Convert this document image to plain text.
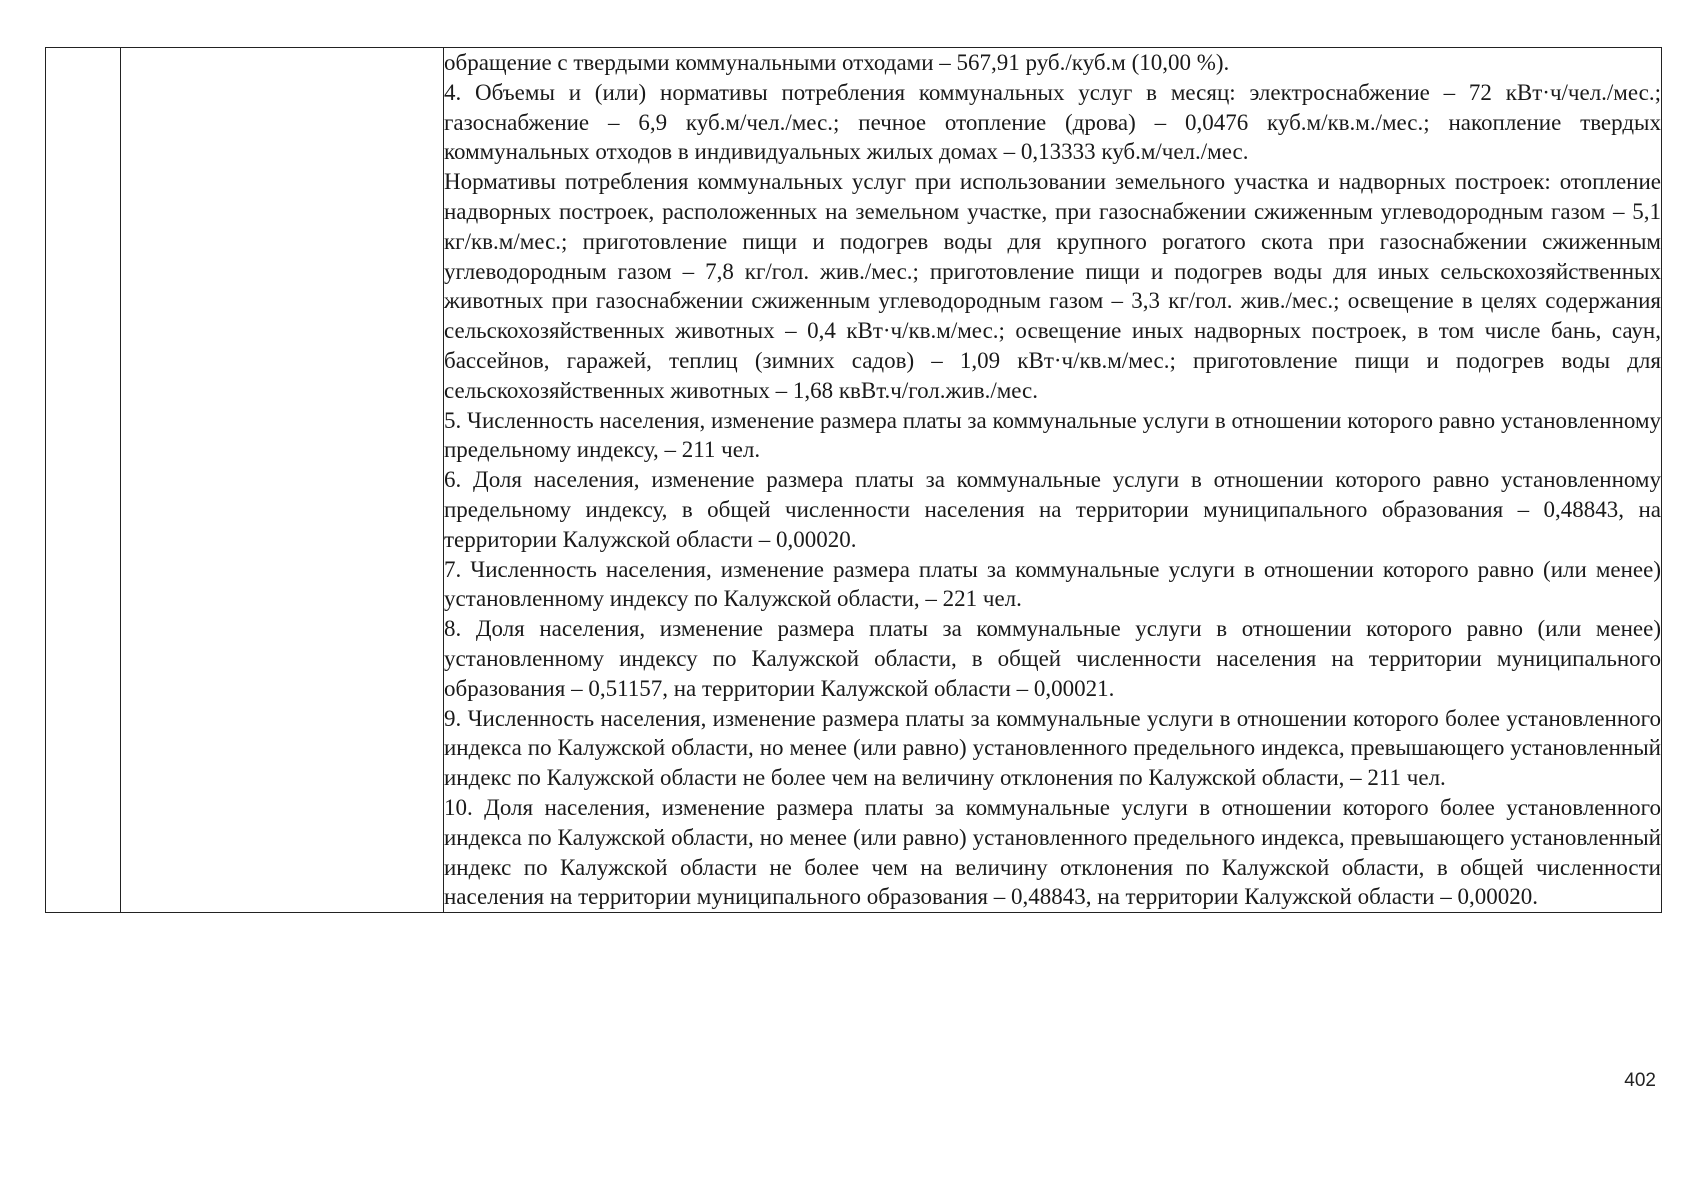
обращение с твердыми коммунальными отходами – 567,91 руб./куб.м (10,00 %).

4. Объемы и (или) нормативы потребления коммунальных услуг в месяц: электроснабжение – 72 кВт·ч/чел./мес.; газоснабжение – 6,9 куб.м/чел./мес.; печное отопление (дрова) – 0,0476 куб.м/кв.м./мес.; накопление твердых коммунальных отходов в индивидуальных жилых домах – 0,13333 куб.м/чел./мес.

Нормативы потребления коммунальных услуг при использовании земельного участка и надворных построек: отопление надворных построек, расположенных на земельном участке, при газоснабжении сжиженным углеводородным газом – 5,1 кг/кв.м/мес.; приготовление пищи и подогрев воды для крупного рогатого скота при газоснабжении сжиженным углеводородным газом – 7,8 кг/гол. жив./мес.; приготовление пищи и подогрев воды для иных сельскохозяйственных животных при газоснабжении сжиженным углеводородным газом – 3,3 кг/гол. жив./мес.; освещение в целях содержания сельскохозяйственных животных – 0,4 кВт·ч/кв.м/мес.; освещение иных надворных построек, в том числе бань, саун, бассейнов, гаражей, теплиц (зимних садов) – 1,09 кВт·ч/кв.м/мес.; приготовление пищи и подогрев воды для сельскохозяйственных животных – 1,68 квВт.ч/гол.жив./мес.

5. Численность населения, изменение размера платы за коммунальные услуги в отношении которого равно установленному предельному индексу, – 211 чел.

6. Доля населения, изменение размера платы за коммунальные услуги в отношении которого равно установленному предельному индексу, в общей численности населения на территории муниципального образования – 0,48843, на территории Калужской области – 0,00020.

7. Численность населения, изменение размера платы за коммунальные услуги в отношении которого равно (или менее) установленному индексу по Калужской области, – 221 чел.

8. Доля населения, изменение размера платы за коммунальные услуги в отношении которого равно (или менее) установленному индексу по Калужской области, в общей численности населения на территории муниципального образования – 0,51157, на территории Калужской области – 0,00021.

9. Численность населения, изменение размера платы за коммунальные услуги в отношении которого более установленного индекса по Калужской области, но менее (или равно) установленного предельного индекса, превышающего установленный индекс по Калужской области не более чем на величину отклонения по Калужской области, – 211 чел.

10. Доля населения, изменение размера платы за коммунальные услуги в отношении которого более установленного индекса по Калужской области, но менее (или равно) установленного предельного индекса, превышающего установленный индекс по Калужской области не более чем на величину отклонения по Калужской области, в общей численности населения на территории муниципального образования – 0,48843, на территории Калужской области – 0,00020.

402
